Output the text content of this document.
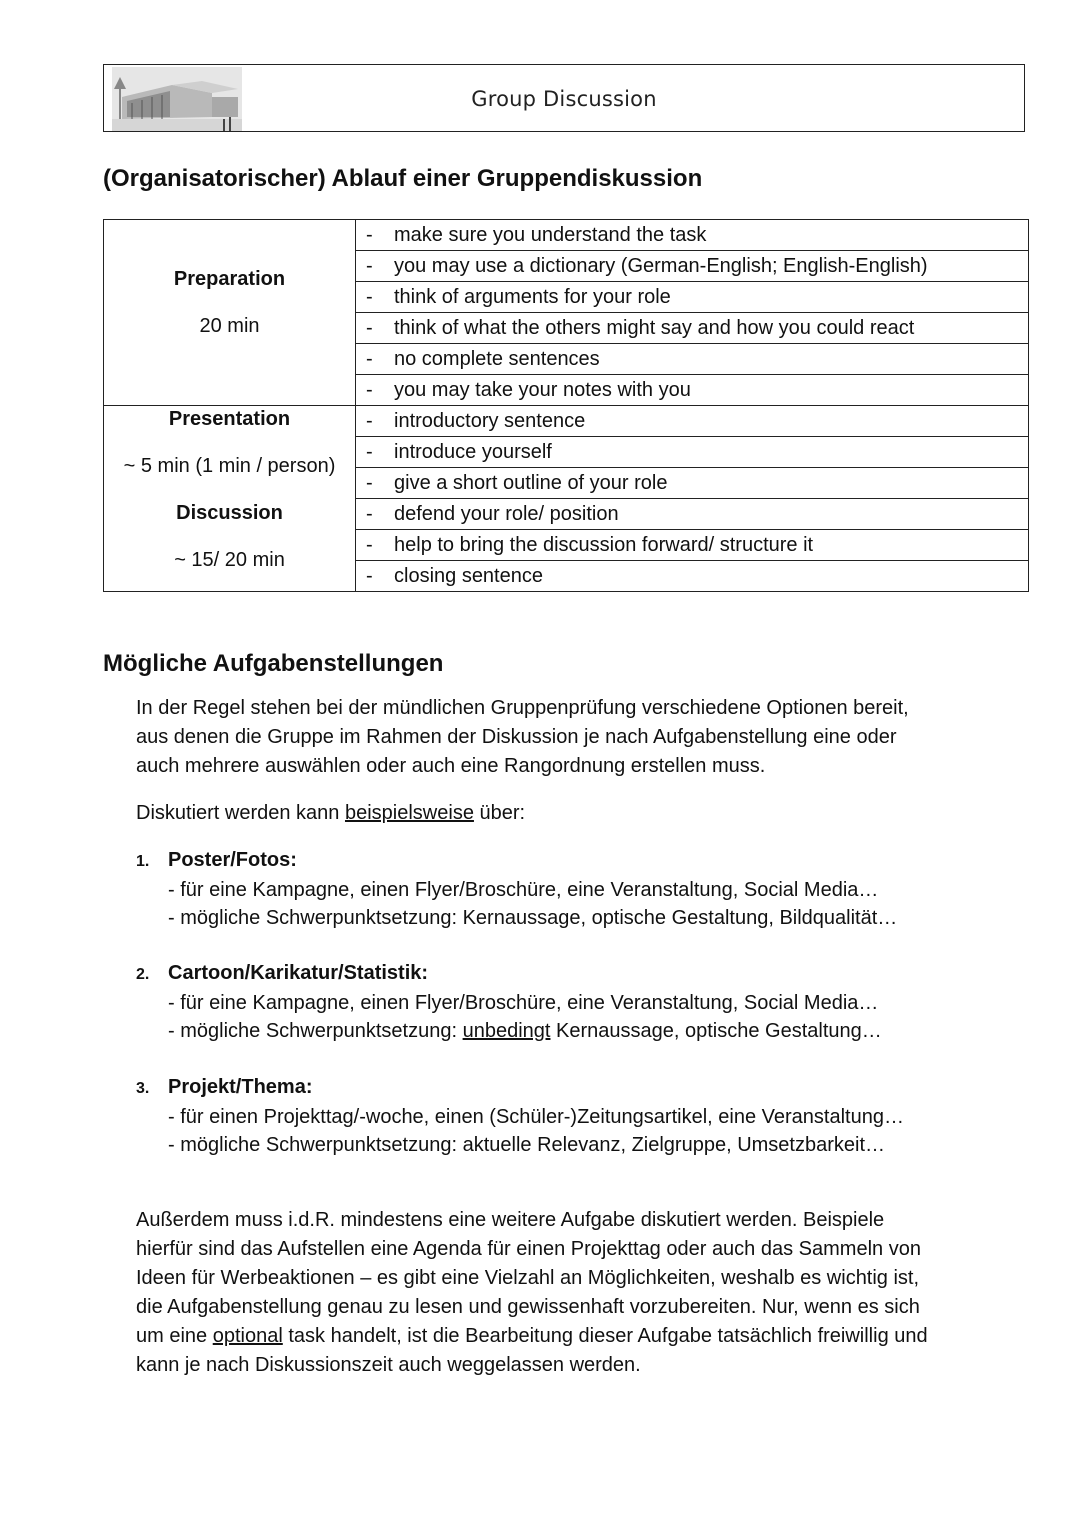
Group Discussion
(Organisatorischer) Ablauf einer Gruppendiskussion
Preparation
20 min	- make sure you understand the task
	- you may use a dictionary (German-English; English-English)
	- think of arguments for your role
	- think of what the others might say and how you could react
	- no complete sentences
	- you may take your notes with you

Presentation
~ 5 min (1 min / person)
Discussion
~ 15/ 20 min	- introductory sentence
	- introduce yourself
	- give a short outline of your role
	- defend your role/ position
	- help to bring the discussion forward/ structure it
	- closing sentence
Mögliche Aufgabenstellungen
In der Regel stehen bei der mündlichen Gruppenprüfung verschiedene Optionen bereit,
aus denen die Gruppe im Rahmen der Diskussion je nach Aufgabenstellung eine oder
auch mehrere auswählen oder auch eine Rangordnung erstellen muss.
Diskutiert werden kann beispielsweise über:
1. Poster/Fotos:
- für eine Kampagne, einen Flyer/Broschüre, eine Veranstaltung, Social Media…
- mögliche Schwerpunktsetzung: Kernaussage, optische Gestaltung, Bildqualität…
2. Cartoon/Karikatur/Statistik:
- für eine Kampagne, einen Flyer/Broschüre, eine Veranstaltung, Social Media…
- mögliche Schwerpunktsetzung: unbedingt Kernaussage, optische Gestaltung…
3. Projekt/Thema:
- für einen Projekttag/-woche, einen (Schüler-)Zeitungsartikel, eine Veranstaltung…
- mögliche Schwerpunktsetzung: aktuelle Relevanz, Zielgruppe, Umsetzbarkeit…
Außerdem muss i.d.R. mindestens eine weitere Aufgabe diskutiert werden. Beispiele
hierfür sind das Aufstellen eine Agenda für einen Projekttag oder auch das Sammeln von
Ideen für Werbeaktionen – es gibt eine Vielzahl an Möglichkeiten, weshalb es wichtig ist,
die Aufgabenstellung genau zu lesen und gewissenhaft vorzubereiten. Nur, wenn es sich
um eine optional task handelt, ist die Bearbeitung dieser Aufgabe tatsächlich freiwillig und
kann je nach Diskussionszeit auch weggelassen werden.
